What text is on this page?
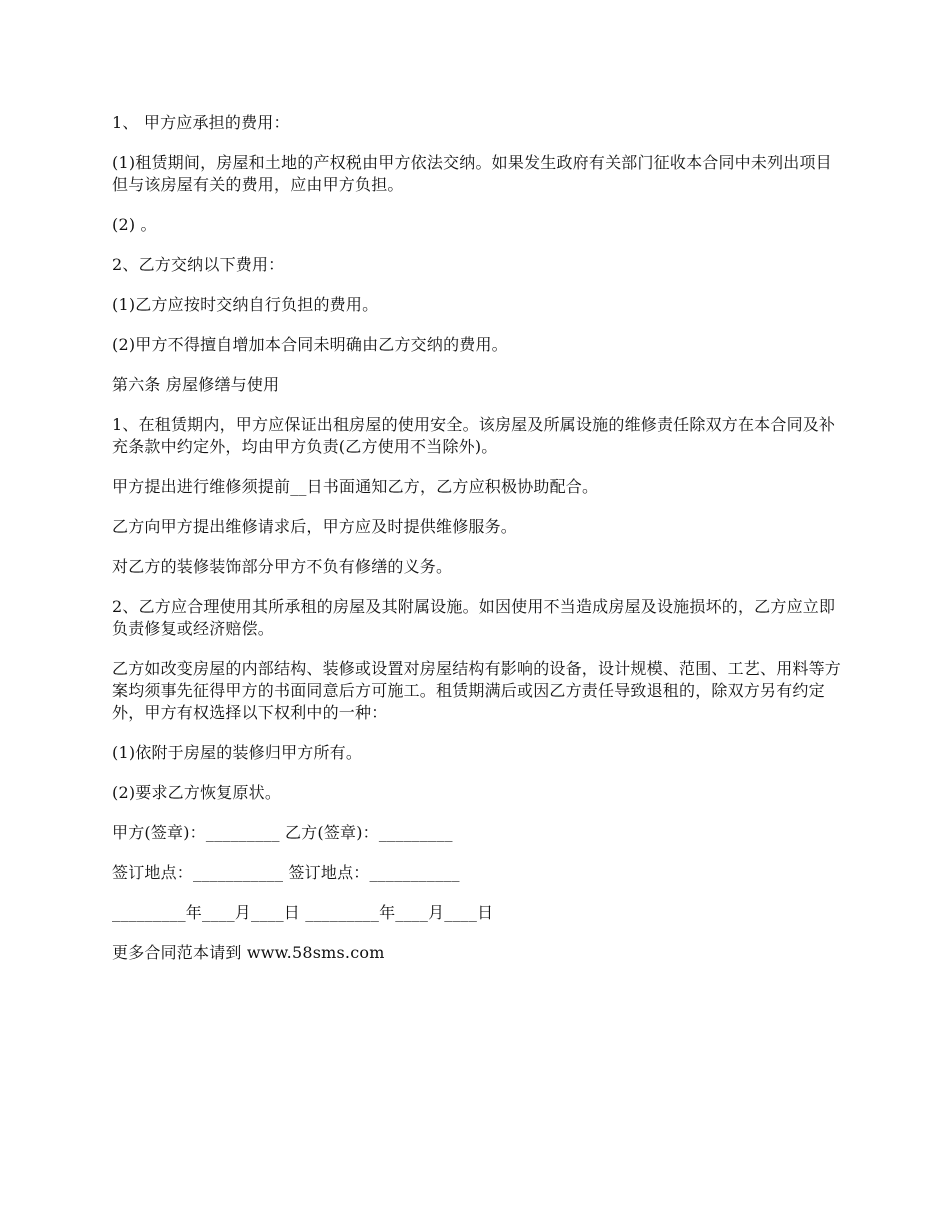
1、 甲方应承担的费用：

(1)租赁期间，房屋和土地的产权税由甲方依法交纳。如果发生政府有关部门征收本合同中未列出项目但与该房屋有关的费用，应由甲方负担。

(2) 。

2、乙方交纳以下费用：

(1)乙方应按时交纳自行负担的费用。

(2)甲方不得擅自增加本合同未明确由乙方交纳的费用。

第六条 房屋修缮与使用

1、在租赁期内，甲方应保证出租房屋的使用安全。该房屋及所属设施的维修责任除双方在本合同及补充条款中约定外，均由甲方负责(乙方使用不当除外)。

甲方提出进行维修须提前__日书面通知乙方，乙方应积极协助配合。

乙方向甲方提出维修请求后，甲方应及时提供维修服务。

对乙方的装修装饰部分甲方不负有修缮的义务。

2、乙方应合理使用其所承租的房屋及其附属设施。如因使用不当造成房屋及设施损坏的，乙方应立即负责修复或经济赔偿。

乙方如改变房屋的内部结构、装修或设置对房屋结构有影响的设备，设计规模、范围、工艺、用料等方案均须事先征得甲方的书面同意后方可施工。租赁期满后或因乙方责任导致退租的，除双方另有约定外，甲方有权选择以下权利中的一种：

(1)依附于房屋的装修归甲方所有。

(2)要求乙方恢复原状。

甲方(签章)：_________ 乙方(签章)：_________

签订地点：___________ 签订地点：___________

_________年____月____日 _________年____月____日

更多合同范本请到 www.58sms.com
